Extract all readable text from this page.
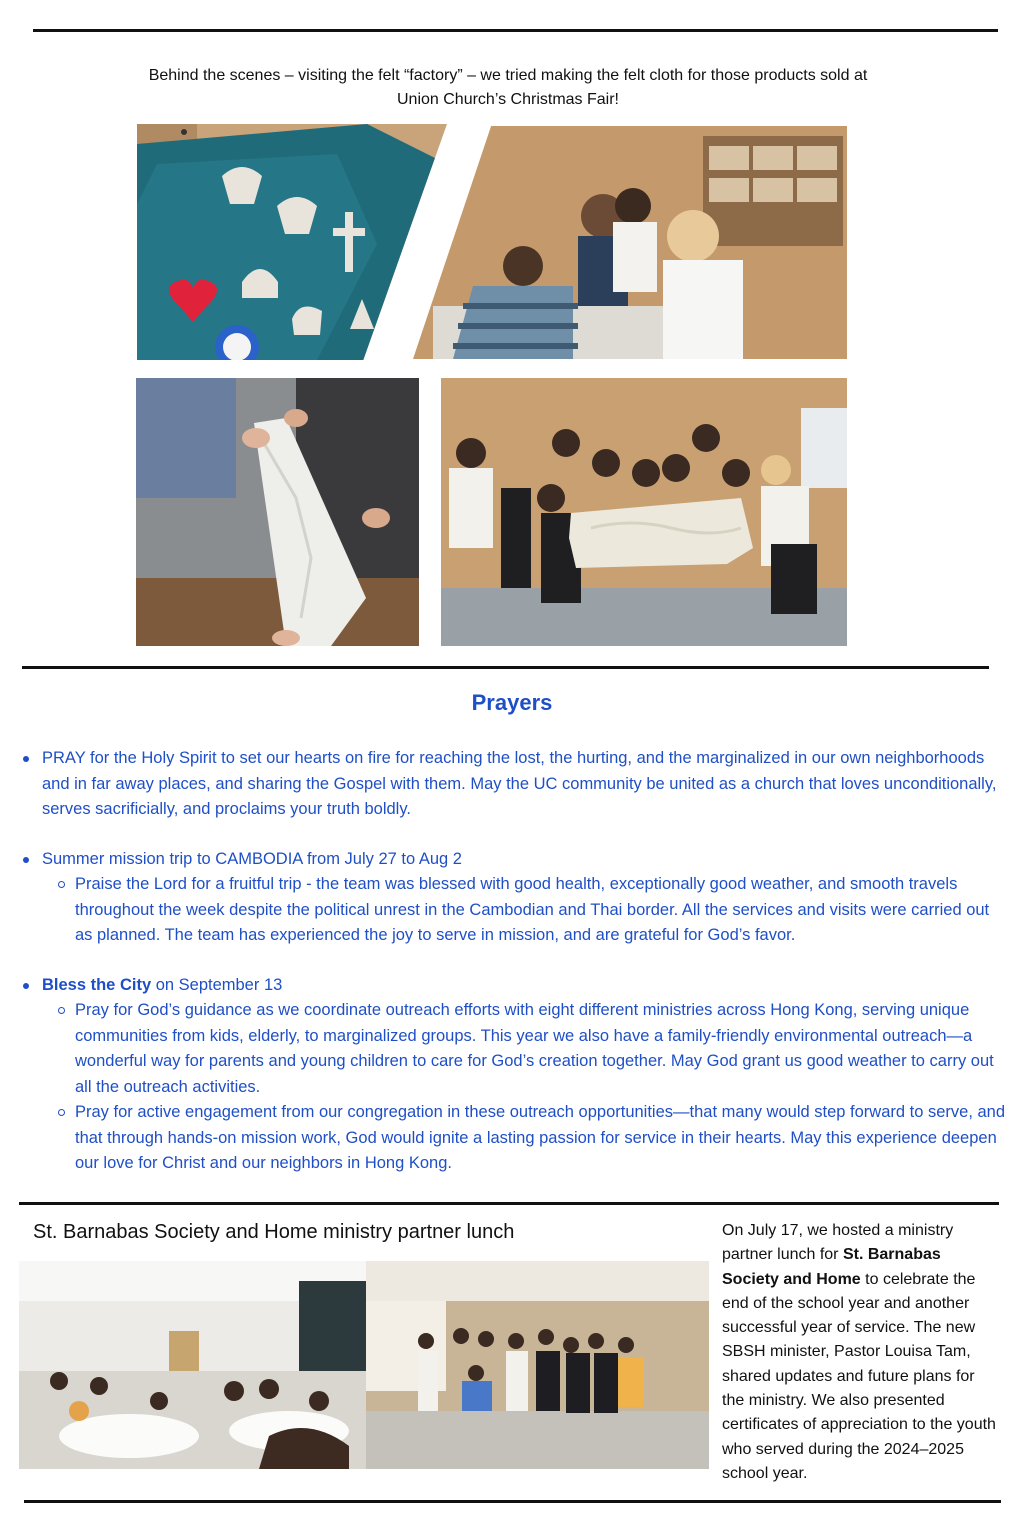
Behind the scenes – visiting the felt “factory” – we tried making the felt cloth for those products sold at
Union Church’s Christmas Fair!
Prayers
PRAY for the Holy Spirit to set our hearts on fire for reaching the lost, the hurting, and the marginalized in our own neighborhoods and in far away places, and sharing the Gospel with them. May the UC community be united as a church that loves unconditionally, serves sacrificially, and proclaims your truth boldly.
Summer mission trip to CAMBODIA from July 27 to Aug 2
Praise the Lord for a fruitful trip - the team was blessed with good health, exceptionally good weather, and smooth travels throughout the week despite the political unrest in the Cambodian and Thai border. All the services and visits were carried out as planned. The team has experienced the joy to serve in mission, and are grateful for God’s favor.
Bless the City on September 13
Pray for God’s guidance as we coordinate outreach efforts with eight different ministries across Hong Kong, serving unique communities from kids, elderly, to marginalized groups. This year we also have a family-friendly environmental outreach—a wonderful way for parents and young children to care for God’s creation together. May God grant us good weather to carry out all the outreach activities.
Pray for active engagement from our congregation in these outreach opportunities—that many would step forward to serve, and that through hands-on mission work, God would ignite a lasting passion for service in their hearts. May this experience deepen our love for Christ and our neighbors in Hong Kong.
St. Barnabas Society and Home ministry partner lunch	On July 17, we hosted a ministry partner lunch for St. Barnabas Society and Home to celebrate the end of the school year and another successful year of service. The new SBSH minister, Pastor Louisa Tam, shared updates and future plans for the ministry. We also presented certificates of appreciation to the youth who served during the 2024–2025 school year.
